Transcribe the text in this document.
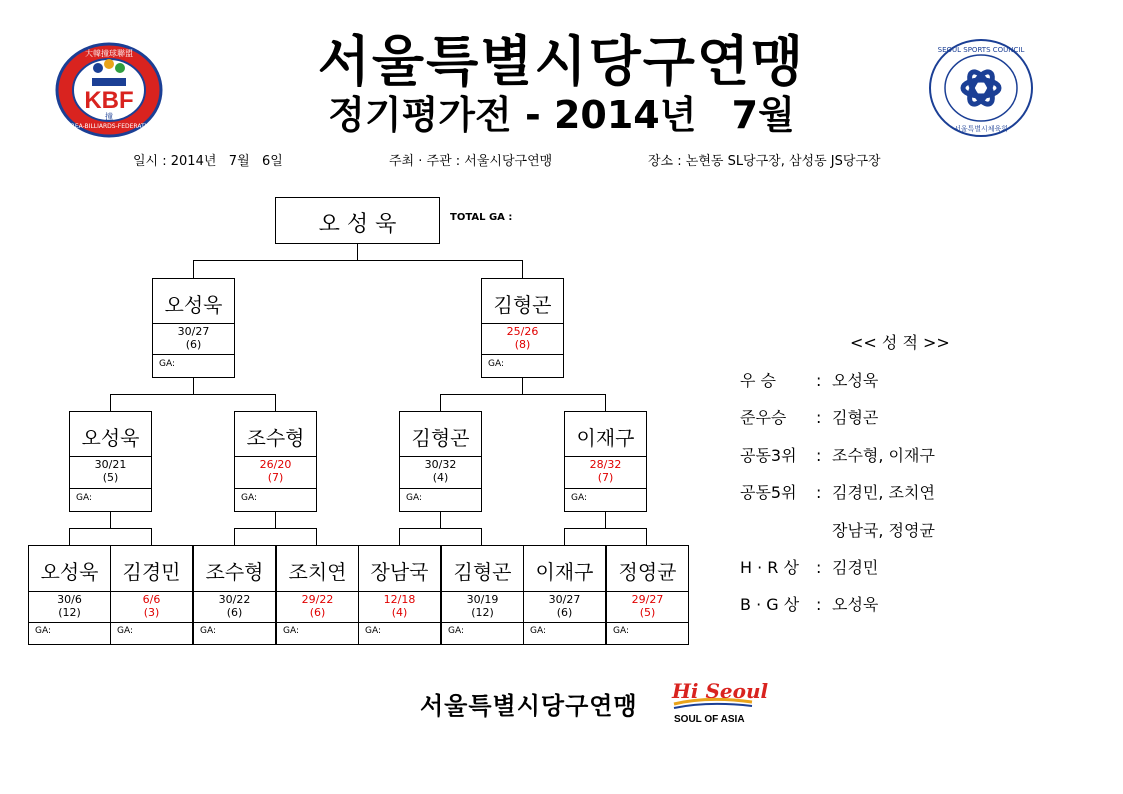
KBF
大韓撞球聯盟
KOREA-BILLIARDS-FEDERATION
撞
SEOUL SPORTS COUNCIL
서울특별시체육회
서울특별시당구연맹
정기평가전 - 2014년 7월
일시 : 2014년   7월   6일	주최 · 주관 : 서울시당구연맹	장소 : 논현동 SL당구장, 삼성동 JS당구장
오 성 욱	TOTAL GA :
오성욱
30/27
(6)
GA:
김형곤
25/26
(8)
GA:
오성욱
30/21
(5)
GA:
조수형
26/20
(7)
GA:
김형곤
30/32
(4)
GA:
이재구
28/32
(7)
GA:
오성욱
30/6
(12)
GA:
김경민
6/6
(3)
GA:
조수형
30/22
(6)
GA:
조치연
29/22
(6)
GA:
장남국
12/18
(4)
GA:
김형곤
30/19
(12)
GA:
이재구
30/27
(6)
GA:
정영균
29/27
(5)
GA:
<< 성 적 >>
우 승	: 오성욱
준우승 : 김형곤
공동3위 : 조수형, 이재구
공동5위 : 김경민, 조치연
장남국, 정영균
H · R 상 : 김경민
B · G 상 : 오성욱
서울특별시당구연맹
Hi Seoul
SOUL OF ASIA
